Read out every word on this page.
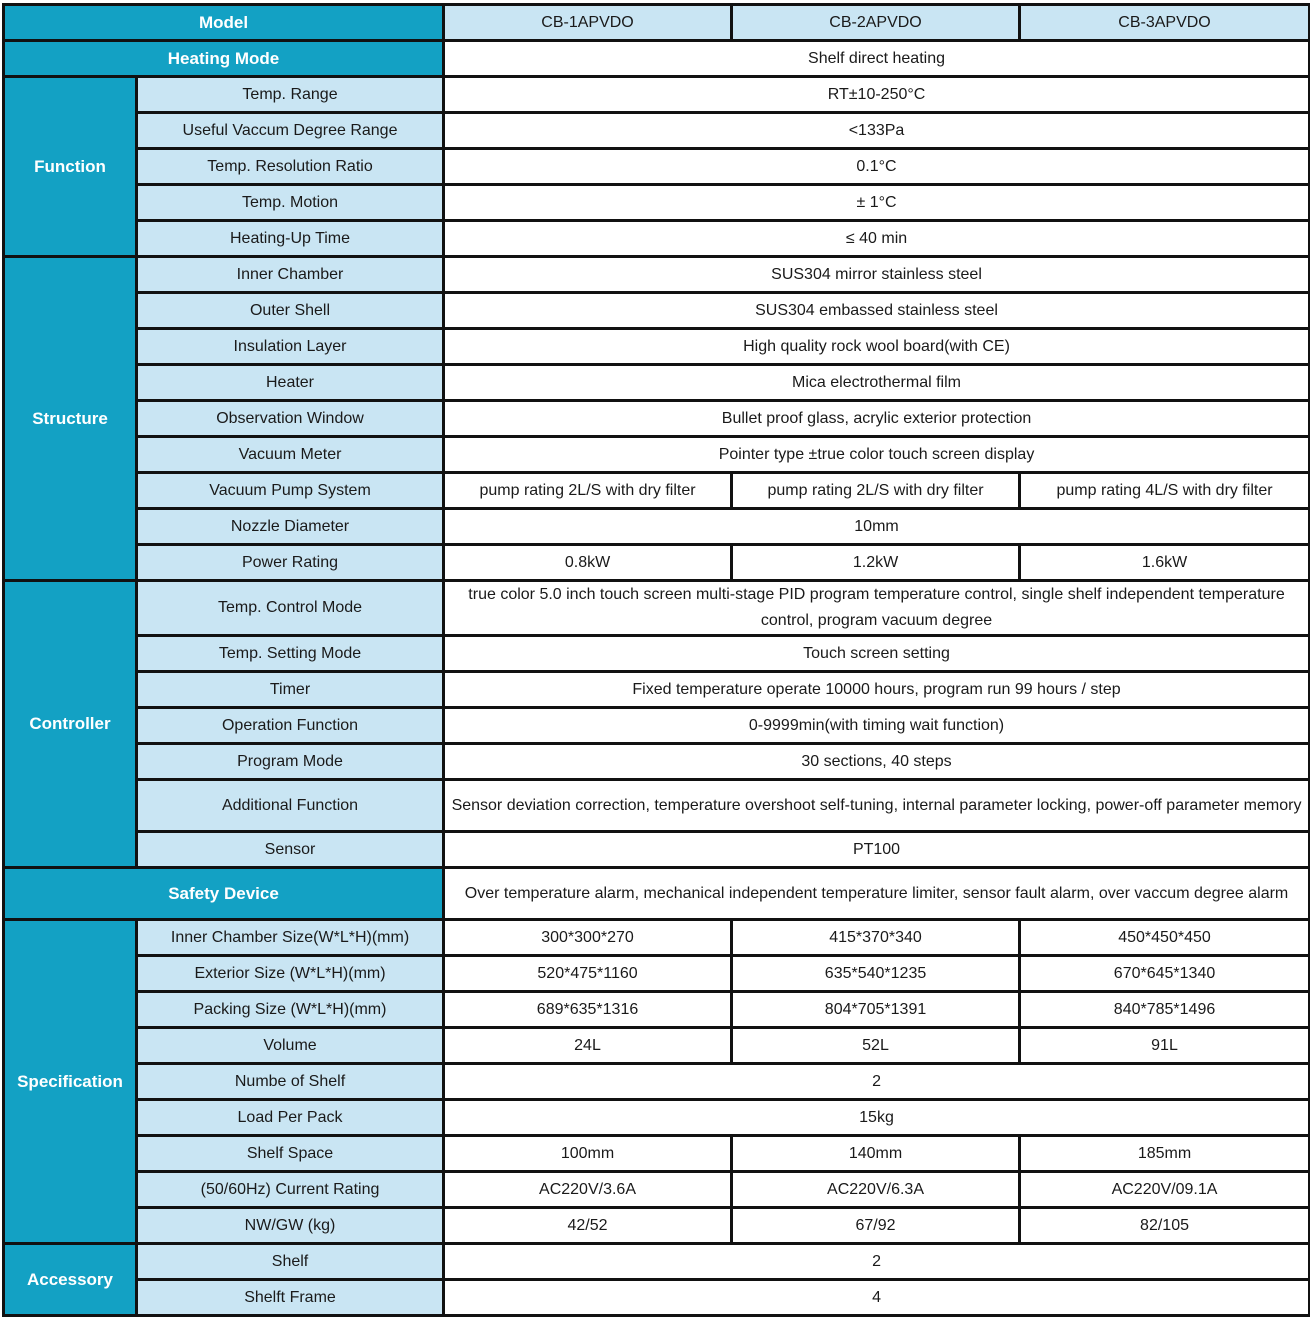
Model		CB-1APVDO	CB-2APVDO	CB-3APVDO
Heating Mode		Shelf direct heating		
Function	Temp. Range	RT±10-250°C		
	Useful Vaccum Degree Range	<133Pa		
	Temp. Resolution Ratio	0.1°C		
	Temp. Motion	± 1°C		
	Heating-Up Time	≤ 40 min		
Structure	Inner Chamber	SUS304 mirror stainless steel		
	Outer Shell	SUS304 embassed stainless steel		
	Insulation Layer	High quality rock wool board(with CE)		
	Heater	Mica electrothermal film		
	Observation Window	Bullet proof glass, acrylic exterior protection		
	Vacuum Meter	Pointer type ±true color touch screen display		
	Vacuum Pump System	pump rating 2L/S with dry filter	pump rating 2L/S with dry filter	pump rating 4L/S with dry filter
	Nozzle Diameter	10mm		
	Power Rating	0.8kW	1.2kW	1.6kW
Controller	Temp. Control Mode	true color 5.0 inch touch screen multi-stage PID program temperature control, single shelf independent temperature control, program vacuum degree		
	Temp. Setting Mode	Touch screen setting		
	Timer	Fixed temperature operate 10000 hours, program run 99 hours / step		
	Operation Function	0-9999min(with timing wait function)		
	Program Mode	30 sections, 40 steps		
	Additional Function	Sensor deviation correction, temperature overshoot self-tuning, internal parameter locking, power-off parameter memory		
	Sensor	PT100		
Safety Device		Over temperature alarm, mechanical independent temperature limiter, sensor fault alarm, over vaccum degree alarm		
Specification	Inner Chamber Size(W*L*H)(mm)	300*300*270	415*370*340	450*450*450
	Exterior Size (W*L*H)(mm)	520*475*1160	635*540*1235	670*645*1340
	Packing Size (W*L*H)(mm)	689*635*1316	804*705*1391	840*785*1496
	Volume	24L	52L	91L
	Numbe of Shelf	2		
	Load Per Pack	15kg		
	Shelf Space	100mm	140mm	185mm
	(50/60Hz) Current Rating	AC220V/3.6A	AC220V/6.3A	AC220V/09.1A
	NW/GW (kg)	42/52	67/92	82/105
Accessory	Shelf	2		
	Shelft Frame	4		
